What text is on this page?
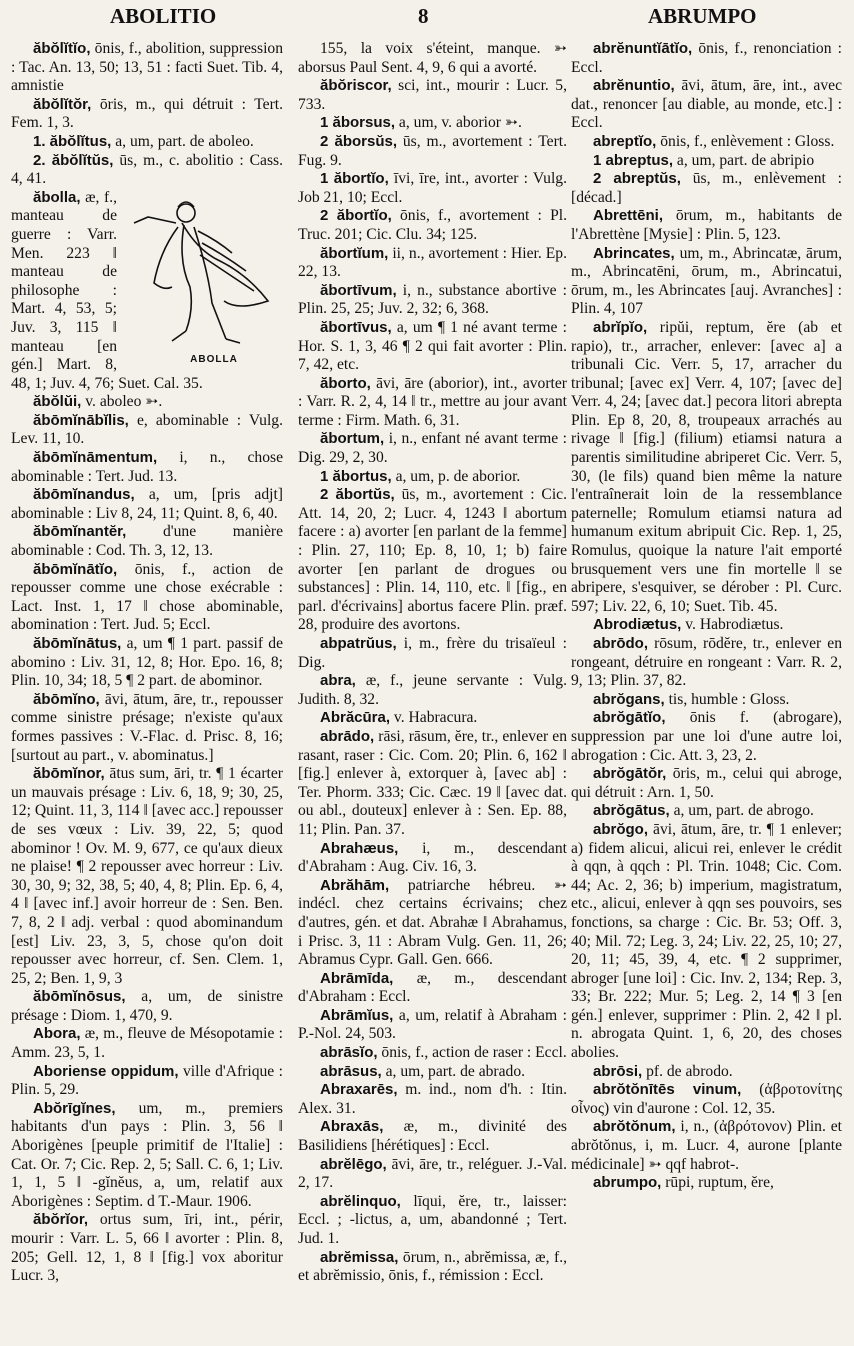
ABOLITIO	8	ABRUMPO

ăbŏlĭtĭo, ōnis, f., abolition, suppression : Tac. An. 13, 50; 13, 51 : facti Suet. Tib. 4, amnistie

ăbŏlĭtŏr, ōris, m., qui détruit : Tert. Fem. 1, 3.

1. ăbŏlĭtus, a, um, part. de aboleo.

2. ăbŏlĭtŭs, ūs, m., c. abolitio : Cass. 4, 41.

ABOLLA
ăbolla, æ, f., manteau de guerre : Varr. Men. 223 ‖ manteau de philosophe : Mart. 4, 53, 5; Juv. 3, 115 ‖ manteau [en gén.] Mart. 8, 48, 1; Juv. 4, 76; Suet. Cal. 35.

ăbŏlŭi, v. aboleo ➳.

ăbōmĭnābĭlis, e, abominable : Vulg. Lev. 11, 10.

ăbōmĭnāmentum, i, n., chose abominable : Tert. Jud. 13.

ăbōmĭnandus, a, um, [pris adjt] abominable : Liv 8, 24, 11; Quint. 8, 6, 40.

ăbōmĭnantĕr, d'une manière abominable : Cod. Th. 3, 12, 13.

ăbōmĭnātĭo, ōnis, f., action de repousser comme une chose exécrable : Lact. Inst. 1, 17 ‖ chose abominable, abomination : Tert. Jud. 5; Eccl.

ăbōmĭnātus, a, um ¶ 1 part. passif de abomino : Liv. 31, 12, 8; Hor. Epo. 16, 8; Plin. 10, 34; 18, 5 ¶ 2 part. de abominor.

ăbōmĭno, āvi, ātum, āre, tr., repousser comme sinistre présage; n'existe qu'aux formes passives : V.-Flac. d. Prisc. 8, 16; [surtout au part., v. abominatus.]

ăbōmĭnor, ātus sum, āri, tr. ¶ 1 écarter un mauvais présage : Liv. 6, 18, 9; 30, 25, 12; Quint. 11, 3, 114 ‖ [avec acc.] repousser de ses vœux : Liv. 39, 22, 5; quod abominor ! Ov. M. 9, 677, ce qu'aux dieux ne plaise! ¶ 2 repousser avec horreur : Liv. 30, 30, 9; 32, 38, 5; 40, 4, 8; Plin. Ep. 6, 4, 4 ‖ [avec inf.] avoir horreur de : Sen. Ben. 7, 8, 2 ‖ adj. verbal : quod abominandum [est] Liv. 23, 3, 5, chose qu'on doit repousser avec horreur, cf. Sen. Clem. 1, 25, 2; Ben. 1, 9, 3

ăbōmĭnōsus, a, um, de sinistre présage : Diom. 1, 470, 9.

Abora, æ, m., fleuve de Mésopotamie : Amm. 23, 5, 1.

Aboriense oppidum, ville d'Afrique : Plin. 5, 29.

Abŏrīgĭnes, um, m., premiers habitants d'un pays : Plin. 3, 56 ‖ Aborigènes [peuple primitif de l'Italie] : Cat. Or. 7; Cic. Rep. 2, 5; Sall. C. 6, 1; Liv. 1, 1, 5 ‖ -gĭnĕus, a, um, relatif aux Aborigènes : Septim. d T.-Maur. 1906.

ăbŏrĭor, ortus sum, īri, int., périr, mourir : Varr. L. 5, 66 ‖ avorter : Plin. 8, 205; Gell. 12, 1, 8 ‖ [fig.] vox aboritur Lucr. 3,

155, la voix s'éteint, manque. ➳ aborsus Paul Sent. 4, 9, 6 qui a avorté.

ăbŏriscor, sci, int., mourir : Lucr. 5, 733.

1 ăborsus, a, um, v. aborior ➳.

2 ăborsŭs, ūs, m., avortement : Tert. Fug. 9.

1 ăbortĭo, īvi, īre, int., avorter : Vulg. Job 21, 10; Eccl.

2 ăbortĭo, ōnis, f., avortement : Pl. Truc. 201; Cic. Clu. 34; 125.

ăbortĭum, ii, n., avortement : Hier. Ep. 22, 13.

ăbortīvum, i, n., substance abortive : Plin. 25, 25; Juv. 2, 32; 6, 368.

ăbortīvus, a, um ¶ 1 né avant terme : Hor. S. 1, 3, 46 ¶ 2 qui fait avorter : Plin. 7, 42, etc.

ăborto, āvi, āre (aborior), int., avorter : Varr. R. 2, 4, 14 ‖ tr., mettre au jour avant terme : Firm. Math. 6, 31.

ăbortum, i, n., enfant né avant terme : Dig. 29, 2, 30.

1 ăbortus, a, um, p. de aborior.

2 ăbortŭs, ūs, m., avortement : Cic. Att. 14, 20, 2; Lucr. 4, 1243 ‖ abortum facere : a) avorter [en parlant de la femme] : Plin. 27, 110; Ep. 8, 10, 1; b) faire avorter [en parlant de drogues ou substances] : Plin. 14, 110, etc. ‖ [fig., en parl. d'écrivains] abortus facere Plin. præf. 28, produire des avortons.

abpatrŭus, i, m., frère du trisaïeul : Dig.

abra, æ, f., jeune servante : Vulg. Judith. 8, 32.

Abrăcūra, v. Habracura.

abrādo, rāsi, rāsum, ĕre, tr., enlever en rasant, raser : Cic. Com. 20; Plin. 6, 162 ‖ [fig.] enlever à, extorquer à, [avec ab] : Ter. Phorm. 333; Cic. Cæc. 19 ‖ [avec dat. ou abl., douteux] enlever à : Sen. Ep. 88, 11; Plin. Pan. 37.

Abrahæus, i, m., descendant d'Abraham : Aug. Civ. 16, 3.

Abrăhām, patriarche hébreu. ➳ indécl. chez certains écrivains; chez d'autres, gén. et dat. Abrahæ ‖ Abrahamus, i Prisc. 3, 11 : Abram Vulg. Gen. 11, 26; Abramus Cypr. Gall. Gen. 666.

Abrāmīda, æ, m., descendant d'Abraham : Eccl.

Abrāmĭus, a, um, relatif à Abraham : P.-Nol. 24, 503.

abrāsĭo, ōnis, f., action de raser : Eccl.

abrāsus, a, um, part. de abrado.

Abraxarēs, m. ind., nom d'h. : Itin. Alex. 31.

Abraxās, æ, m., divinité des Basilidiens [hérétiques] : Eccl.

abrĕlēgo, āvi, āre, tr., reléguer. J.-Val. 2, 17.

abrĕlinquo, līqui, ĕre, tr., laisser: Eccl. ; -lictus, a, um, abandonné ; Tert. Jud. 1.

abrĕmissa, ōrum, n., abrĕmissa, æ, f., et abrĕmissio, ōnis, f., rémission : Eccl.

abrĕnuntĭātĭo, ōnis, f., renonciation : Eccl.

abrĕnuntio, āvi, ātum, āre, int., avec dat., renoncer [au diable, au monde, etc.] : Eccl.

abreptĭo, ōnis, f., enlèvement : Gloss.

1 abreptus, a, um, part. de abripio

2 abreptŭs, ūs, m., enlèvement : [décad.]

Abrettēni, ōrum, m., habitants de l'Abrettène [Mysie] : Plin. 5, 123.

Abrincates, um, m., Abrincatæ, ārum, m., Abrincatēni, ōrum, m., Abrincatui, ōrum, m., les Abrincates [auj. Avranches] : Plin. 4, 107

abrĭpĭo, ripŭi, reptum, ĕre (ab et rapio), tr., arracher, enlever: [avec a] a tribunali Cic. Verr. 5, 17, arracher du tribunal; [avec ex] Verr. 4, 107; [avec de] Verr. 4, 24; [avec dat.] pecora litori abrepta Plin. Ep 8, 20, 8, troupeaux arrachés au rivage ‖ [fig.] (filium) etiamsi natura a parentis similitudine abriperet Cic. Verr. 5, 30, (le fils) quand bien même la nature l'entraînerait loin de la ressemblance paternelle; Romulum etiamsi natura ad humanum exitum abripuit Cic. Rep. 1, 25, Romulus, quoique la nature l'ait emporté brusquement vers une fin mortelle ‖ se abripere, s'esquiver, se dérober : Pl. Curc. 597; Liv. 22, 6, 10; Suet. Tib. 45.

Abrodiætus, v. Habrodiætus.

abrōdo, rōsum, rōdĕre, tr., enlever en rongeant, détruire en rongeant : Varr. R. 2, 9, 13; Plin. 37, 82.

abrŏgans, tis, humble : Gloss.

abrŏgātĭo, ōnis f. (abrogare), suppression par une loi d'une autre loi, abrogation : Cic. Att. 3, 23, 2.

abrŏgātŏr, ōris, m., celui qui abroge, qui détruit : Arn. 1, 50.

abrŏgātus, a, um, part. de abrogo.

abrŏgo, āvi, ātum, āre, tr. ¶ 1 enlever; a) fidem alicui, alicui rei, enlever le crédit à qqn, à qqch : Pl. Trin. 1048; Cic. Com. 44; Ac. 2, 36; b) imperium, magistratum, etc., alicui, enlever à qqn ses pouvoirs, ses fonctions, sa charge : Cic. Br. 53; Off. 3, 40; Mil. 72; Leg. 3, 24; Liv. 22, 25, 10; 27, 20, 11; 45, 39, 4, etc. ¶ 2 supprimer, abroger [une loi] : Cic. Inv. 2, 134; Rep. 3, 33; Br. 222; Mur. 5; Leg. 2, 14 ¶ 3 [en gén.] enlever, supprimer : Plin. 2, 42 ‖ pl. n. abrogata Quint. 1, 6, 20, des choses abolies.

abrōsi, pf. de abrodo.

abrŏtŏnītēs vinum, (ἀβροτονίτης οἶνος) vin d'aurone : Col. 12, 35.

abrŏtŏnum, i, n., (ἀβρότονον) Plin. et abrŏtŏnus, i, m. Lucr. 4, aurone [plante médicinale] ➳ qqf habrot-.

abrumpo, rūpi, ruptum, ĕre,
